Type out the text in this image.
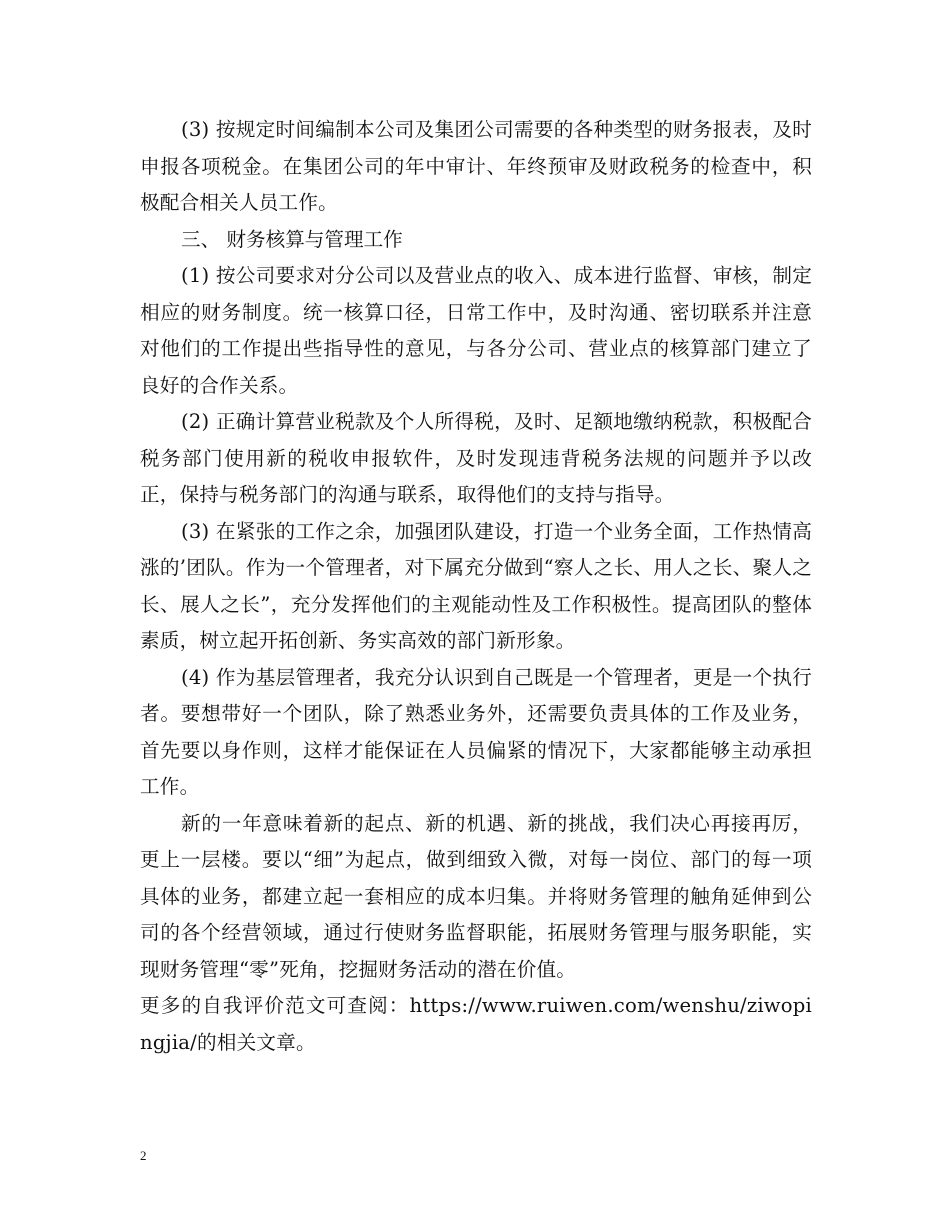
(3) 按规定时间编制本公司及集团公司需要的各种类型的财务报表，及时申报各项税金。在集团公司的年中审计、年终预审及财政税务的检查中，积极配合相关人员工作。

三、 财务核算与管理工作

(1) 按公司要求对分公司以及营业点的收入、成本进行监督、审核，制定相应的财务制度。统一核算口径，日常工作中，及时沟通、密切联系并注意对他们的工作提出些指导性的意见，与各分公司、营业点的核算部门建立了良好的合作关系。

(2) 正确计算营业税款及个人所得税，及时、足额地缴纳税款，积极配合税务部门使用新的税收申报软件，及时发现违背税务法规的问题并予以改正，保持与税务部门的沟通与联系，取得他们的支持与指导。

(3) 在紧张的工作之余，加强团队建设，打造一个业务全面，工作热情高涨的’团队。作为一个管理者，对下属充分做到“察人之长、用人之长、聚人之长、展人之长”，充分发挥他们的主观能动性及工作积极性。提高团队的整体素质，树立起开拓创新、务实高效的部门新形象。

(4) 作为基层管理者，我充分认识到自己既是一个管理者，更是一个执行者。要想带好一个团队，除了熟悉业务外，还需要负责具体的工作及业务，首先要以身作则，这样才能保证在人员偏紧的情况下，大家都能够主动承担工作。

新的一年意味着新的起点、新的机遇、新的挑战，我们决心再接再厉，更上一层楼。要以“细”为起点，做到细致入微，对每一岗位、部门的每一项具体的业务，都建立起一套相应的成本归集。并将财务管理的触角延伸到公司的各个经营领域，通过行使财务监督职能，拓展财务管理与服务职能，实现财务管理“零”死角，挖掘财务活动的潜在价值。

更多的自我评价范文可查阅：https://www.ruiwen.com/wenshu/ziwopingjia/的相关文章。

2
